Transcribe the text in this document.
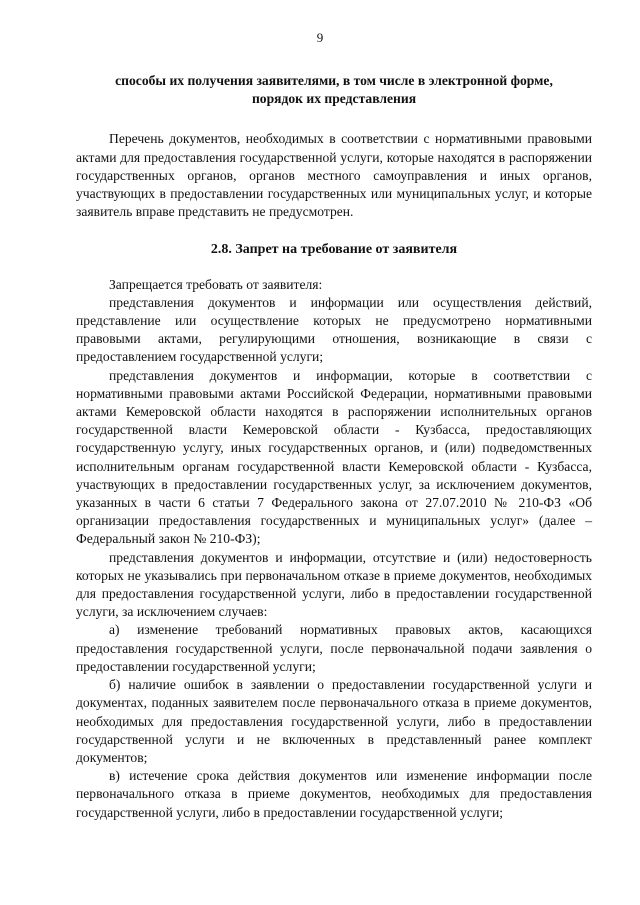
9
способы их получения заявителями, в том числе в электронной форме,
порядок их представления

Перечень документов, необходимых в соответствии с нормативными правовыми актами для предоставления государственной услуги, которые находятся в распоряжении государственных органов, органов местного самоуправления и иных органов, участвующих в предоставлении государственных или муниципальных услуг, и которые заявитель вправе представить не предусмотрен.

2.8. Запрет на требование от заявителя

Запрещается требовать от заявителя:

представления документов и информации или осуществления действий, представление или осуществление которых не предусмотрено нормативными правовыми актами, регулирующими отношения, возникающие в связи с предоставлением государственной услуги;

представления документов и информации, которые в соответствии с нормативными правовыми актами Российской Федерации, нормативными правовыми актами Кемеровской области находятся в распоряжении исполнительных органов государственной власти Кемеровской области - Кузбасса, предоставляющих государственную услугу, иных государственных органов, и (или) подведомственных исполнительным органам государственной власти Кемеровской области - Кузбасса, участвующих в предоставлении государственных услуг, за исключением документов, указанных в части 6 статьи 7 Федерального закона от 27.07.2010 № 210-ФЗ «Об организации предоставления государственных и муниципальных услуг» (далее – Федеральный закон № 210-ФЗ);

представления документов и информации, отсутствие и (или) недостоверность которых не указывались при первоначальном отказе в приеме документов, необходимых для предоставления государственной услуги, либо в предоставлении государственной услуги, за исключением случаев:

а) изменение требований нормативных правовых актов, касающихся предоставления государственной услуги, после первоначальной подачи заявления о предоставлении государственной услуги;

б) наличие ошибок в заявлении о предоставлении государственной услуги и документах, поданных заявителем после первоначального отказа в приеме документов, необходимых для предоставления государственной услуги, либо в предоставлении государственной услуги и не включенных в представленный ранее комплект документов;

в) истечение срока действия документов или изменение информации после первоначального отказа в приеме документов, необходимых для предоставления государственной услуги, либо в предоставлении государственной услуги;
